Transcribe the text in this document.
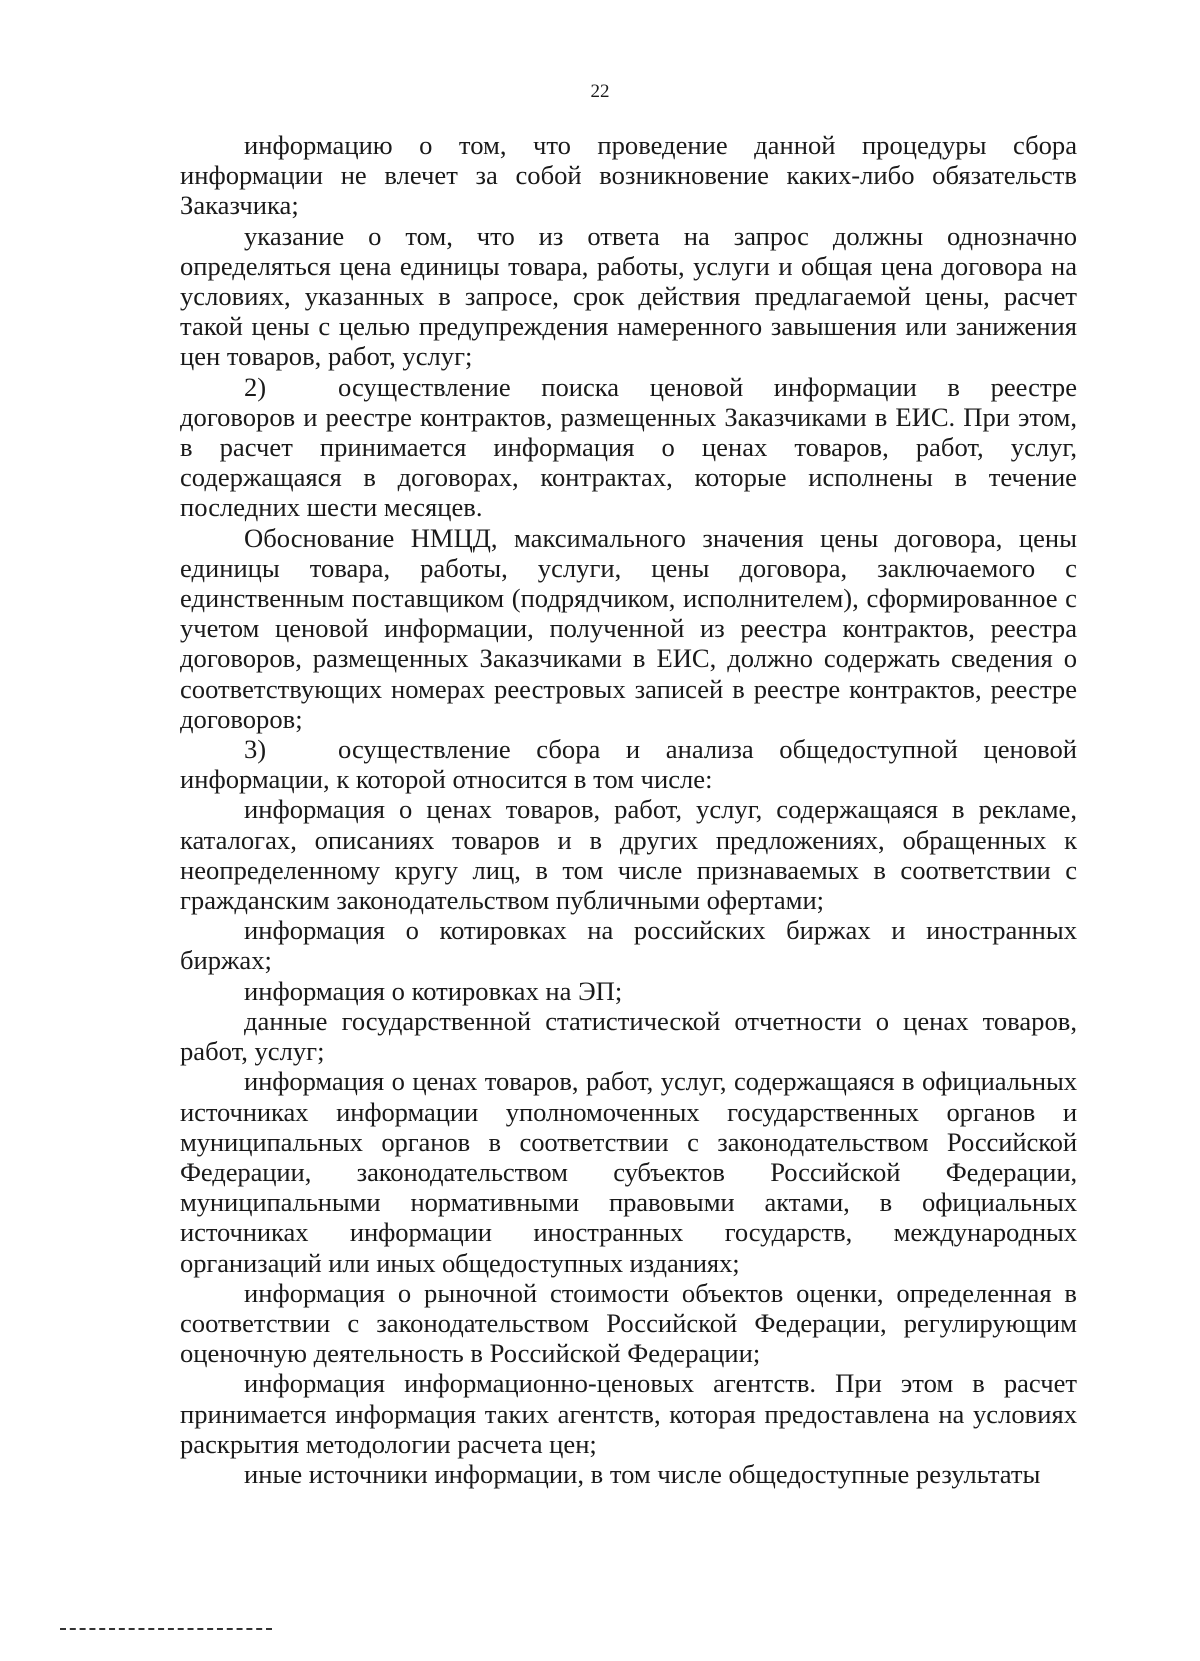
22

информацию о том, что проведение данной процедуры сбора информации не влечет за собой возникновение каких-либо обязательств Заказчика;

указание о том, что из ответа на запрос должны однозначно определяться цена единицы товара, работы, услуги и общая цена договора на условиях, указанных в запросе, срок действия предлагаемой цены, расчет такой цены с целью предупреждения намеренного завышения или занижения цен товаров, работ, услуг;

2)	осуществление поиска ценовой информации в реестре договоров и реестре контрактов, размещенных Заказчиками в ЕИС. При этом, в расчет принимается информация о ценах товаров, работ, услуг, содержащаяся в договорах, контрактах, которые исполнены в течение последних шести месяцев.

Обоснование НМЦД, максимального значения цены договора, цены единицы товара, работы, услуги, цены договора, заключаемого с единственным поставщиком (подрядчиком, исполнителем), сформированное с учетом ценовой информации, полученной из реестра контрактов, реестра договоров, размещенных Заказчиками в ЕИС, должно содержать сведения о соответствующих номерах реестровых записей в реестре контрактов, реестре договоров;

3)	осуществление сбора и анализа общедоступной ценовой информации, к которой относится в том числе:

информация о ценах товаров, работ, услуг, содержащаяся в рекламе, каталогах, описаниях товаров и в других предложениях, обращенных к неопределенному кругу лиц, в том числе признаваемых в соответствии с гражданским законодательством публичными офертами;

информация о котировках на российских биржах и иностранных биржах;

информация о котировках на ЭП;

данные государственной статистической отчетности о ценах товаров, работ, услуг;

информация о ценах товаров, работ, услуг, содержащаяся в официальных источниках информации уполномоченных государственных органов и муниципальных органов в соответствии с законодательством Российской Федерации, законодательством субъектов Российской Федерации, муниципальными нормативными правовыми актами, в официальных источниках информации иностранных государств, международных организаций или иных общедоступных изданиях;

информация о рыночной стоимости объектов оценки, определенная в соответствии с законодательством Российской Федерации, регулирующим оценочную деятельность в Российской Федерации;

информация информационно-ценовых агентств. При этом в расчет принимается информация таких агентств, которая предоставлена на условиях раскрытия методологии расчета цен;

иные источники информации, в том числе общедоступные результаты
